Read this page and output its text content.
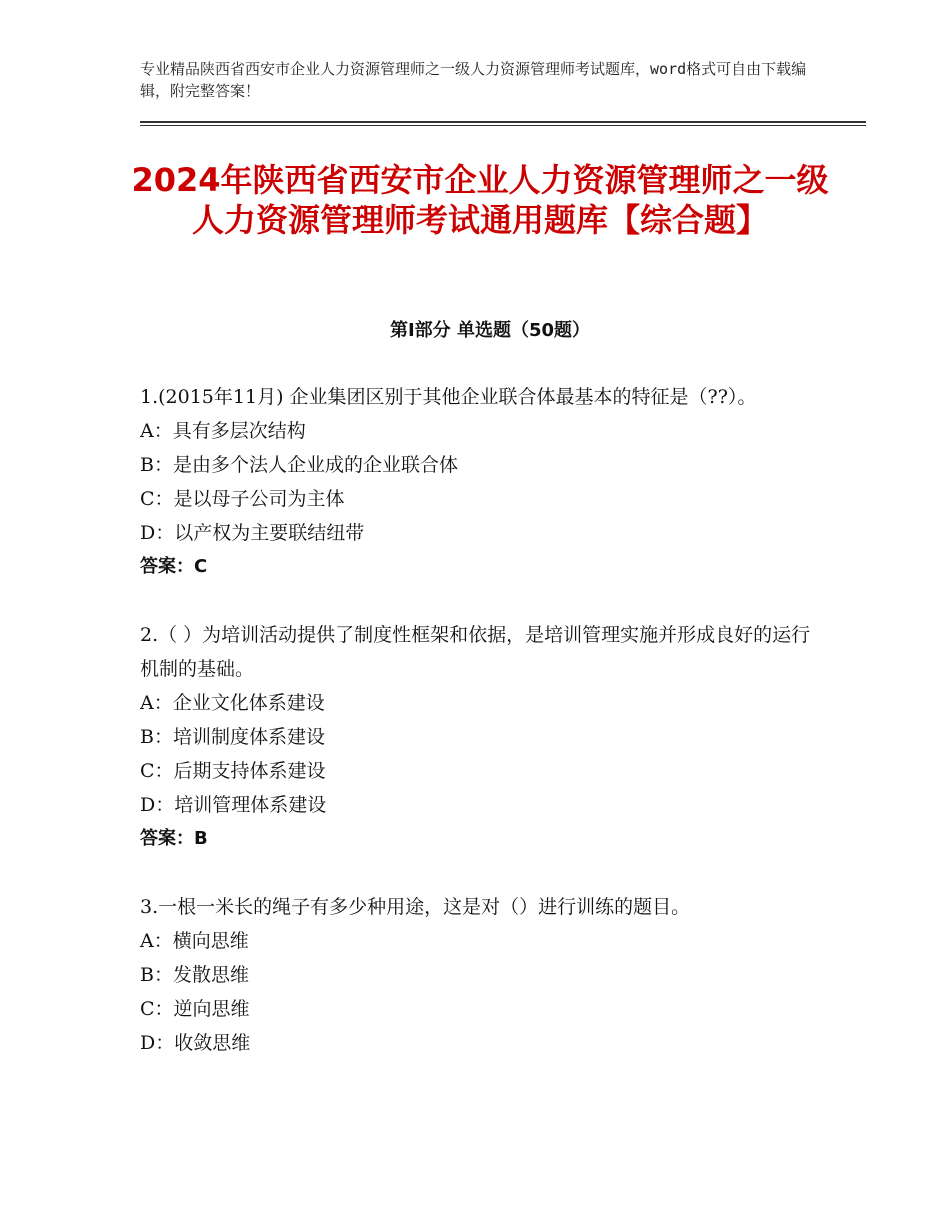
专业精品陕西省西安市企业人力资源管理师之一级人力资源管理师考试题库，word格式可自由下载编辑，附完整答案！
2024年陕西省西安市企业人力资源管理师之一级人力资源管理师考试通用题库【综合题】
第Ⅰ部分 单选题（50题）
1.(2015年11月) 企业集团区别于其他企业联合体最基本的特征是（??）。
A：具有多层次结构
B：是由多个法人企业成的企业联合体
C：是以母子公司为主体
D：以产权为主要联结纽带
答案：C
2.（ ）为培训活动提供了制度性框架和依据，是培训管理实施并形成良好的运行机制的基础。
A：企业文化体系建设
B：培训制度体系建设
C：后期支持体系建设
D：培训管理体系建设
答案：B
3.一根一米长的绳子有多少种用途，这是对（）进行训练的题目。
A：横向思维
B：发散思维
C：逆向思维
D：收敛思维
